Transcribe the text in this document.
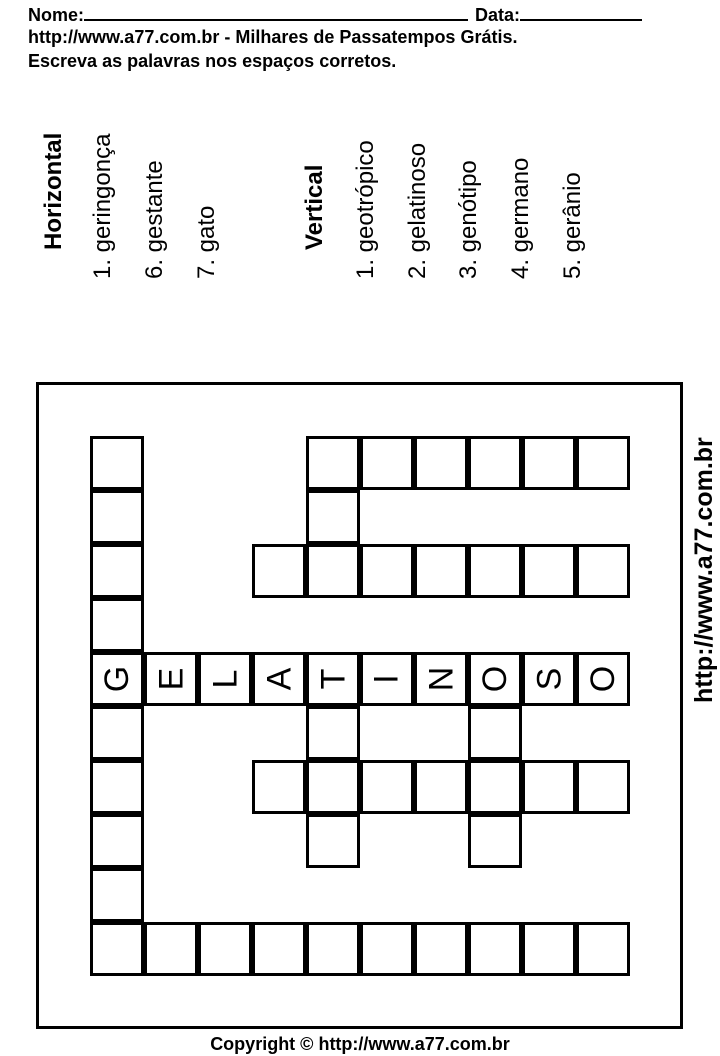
Nome:	Data:
http://www.a77.com.br - Milhares de Passatempos Grátis.
Escreva as palavras nos espaços corretos.
Horizontal 1. geringonça 6. gestante 7. gato	Vertical 1. geotrópico 2. gelatinoso 3. genótipo 4. germano 5. gerânio
G E L A T I N O S O	http://www.a77.com.br
Copyright © http://www.a77.com.br
